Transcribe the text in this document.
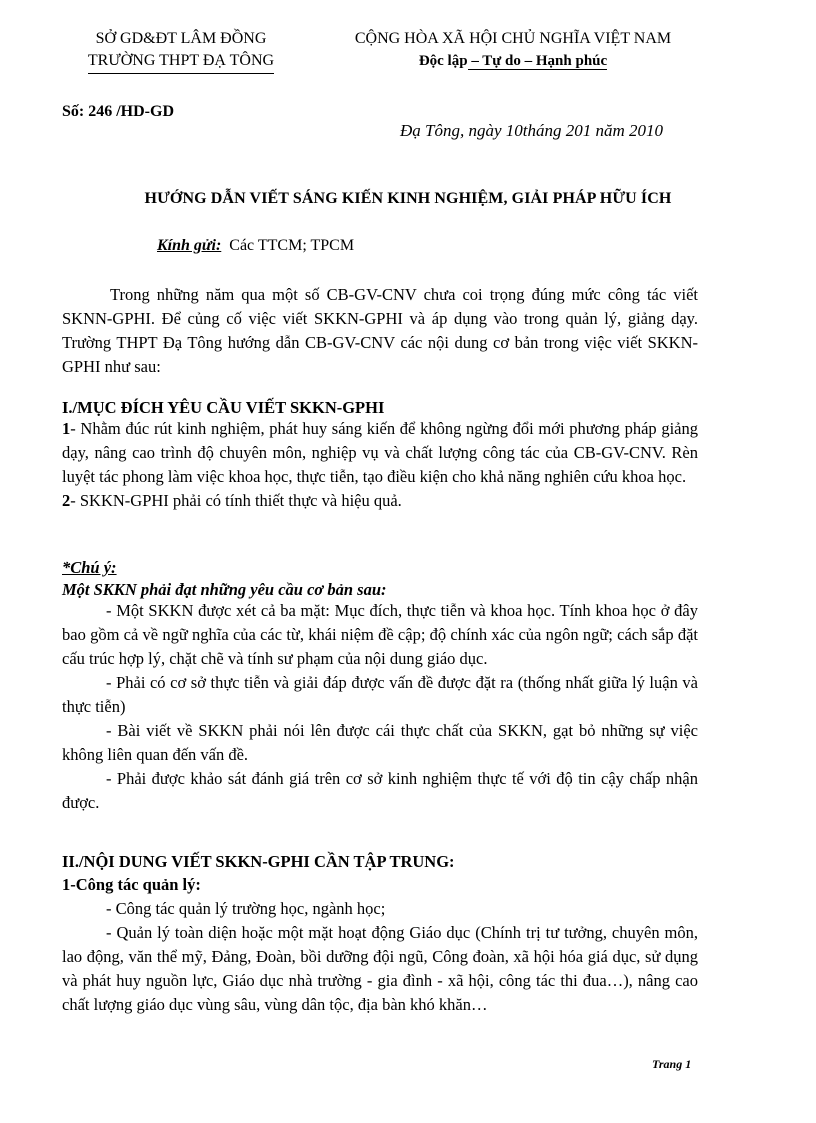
SỞ GD&ĐT LÂM ĐỒNG
TRƯỜNG THPT ĐẠ TÔNG
CỘNG HÒA XÃ HỘI CHỦ NGHĨA VIỆT NAM
Độc lập – Tự do – Hạnh phúc
Số: 246 /HD-GD
Đạ Tông, ngày 10tháng 201 năm 2010
HƯỚNG DẪN VIẾT SÁNG KIẾN KINH NGHIỆM, GIẢI PHÁP HỮU ÍCH
Kính gửi: Các TTCM; TPCM

Trong những năm qua một số CB-GV-CNV chưa coi trọng đúng mức công tác viết SKNN-GPHI. Để củng cố việc viết SKKN-GPHI và áp dụng vào trong quản lý, giảng dạy. Trường THPT Đạ Tông hướng dẫn CB-GV-CNV các nội dung cơ bản trong việc viết SKKN-GPHI như sau:

I./MỤC ĐÍCH YÊU CẦU VIẾT SKKN-GPHI

1- Nhằm đúc rút kinh nghiệm, phát huy sáng kiến để không ngừng đổi mới phương pháp giảng dạy, nâng cao trình độ chuyên môn, nghiệp vụ và chất lượng công tác của CB-GV-CNV. Rèn luyệt tác phong làm việc khoa học, thực tiễn, tạo điều kiện cho khả năng nghiên cứu khoa học.

2- SKKN-GPHI phải có tính thiết thực và hiệu quả.

*Chú ý:
Một SKKN phải đạt những yêu cầu cơ bản sau:

- Một SKKN được xét cả ba mặt: Mục đích, thực tiễn và khoa học. Tính khoa học ở đây bao gồm cả về ngữ nghĩa của các từ, khái niệm đề cập; độ chính xác của ngôn ngữ; cách sắp đặt cấu trúc hợp lý, chặt chẽ và tính sư phạm của nội dung giáo dục.

- Phải có cơ sở thực tiễn và giải đáp được vấn đề được đặt ra (thống nhất giữa lý luận và thực tiễn)

- Bài viết về SKKN phải nói lên được cái thực chất của SKKN, gạt bỏ những sự việc không liên quan đến vấn đề.

- Phải được khảo sát đánh giá trên cơ sở kinh nghiệm thực tế với độ tin cậy chấp nhận được.

II./NỘI DUNG VIẾT SKKN-GPHI CẦN TẬP TRUNG:

1-Công tác quản lý:

- Công tác quản lý trường học, ngành học;

- Quản lý toàn diện hoặc một mặt hoạt động Giáo dục (Chính trị tư tưởng, chuyên môn, lao động, văn thể mỹ, Đảng, Đoàn, bồi dưỡng đội ngũ, Công đoàn, xã hội hóa giá dục, sử dụng và phát huy nguồn lực, Giáo dục nhà trường - gia đình - xã hội, công tác thi đua…), nâng cao chất lượng giáo dục vùng sâu, vùng dân tộc, địa bàn khó khăn…

Trang 1
